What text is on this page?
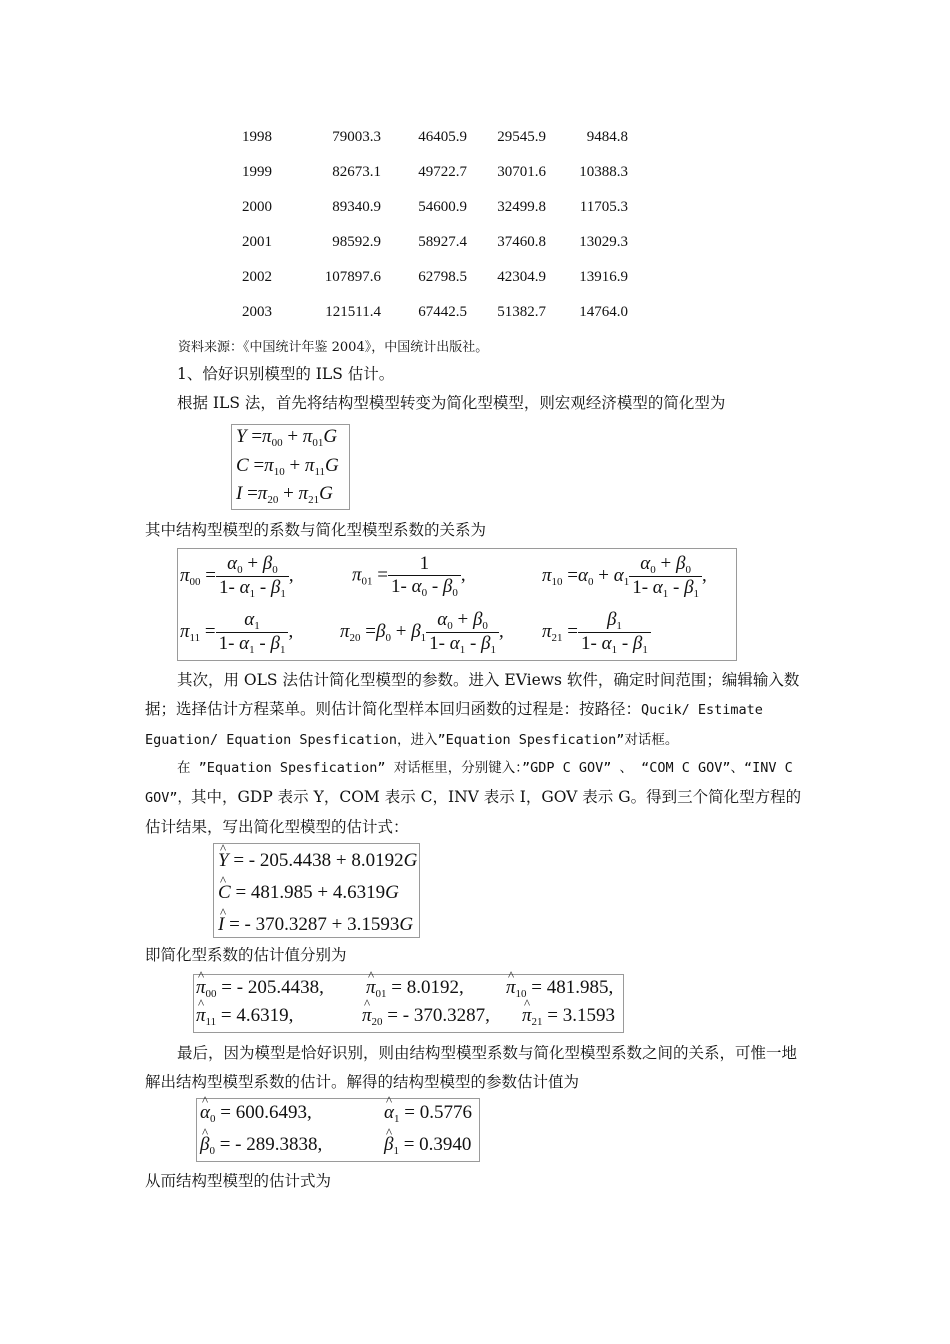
1998	79003.3	46405.9	29545.9	9484.8

1999	82673.1	49722.7	30701.6	10388.3

2000	89340.9	54600.9	32499.8	11705.3

2001	98592.9	58927.4	37460.8	13029.3

2002	107897.6	62798.5	42304.9	13916.9

2003	121511.4	67442.5	51382.7	14764.0
资料来源：《中国统计年鉴 2004》，中国统计出版社。
1、恰好识别模型的 ILS 估计。
根据 ILS 法，首先将结构型模型转变为简化型模型，则宏观经济模型的简化型为
$Y =\pi_{00} + \pi_{01}G$
$C =\pi_{10} + \pi_{11}G$
$I =\pi_{20} + \pi_{21}G$
其中结构型模型的系数与简化型模型系数的关系为
$\pi_{00} = \frac{\alpha_0 + \beta_0}{1- \alpha_1 - \beta_1}$ ,	$\pi_{01} = \frac{1}{1- \alpha_0 - \beta_0}$ ,	$\pi_{10} =\alpha_0 + \alpha_1 \frac{\alpha_0 + \beta_0}{1- \alpha_1 - \beta_1}$ ,
$\pi_{11} = \frac{\alpha_1}{1- \alpha_1 - \beta_1}$ , $\pi_{20} =\beta_0 + \beta_1 \frac{\alpha_0 + \beta_0}{1- \alpha_1 - \beta_1}$ , $\pi_{21} = \frac{\beta_1}{1- \alpha_1 - \beta_1}$
其次，用 OLS 法估计简化型模型的参数。进入 EViews 软件，确定时间范围；编辑输入数据；选择估计方程菜单。则估计简化型样本回归函数的过程是：按路径：Qucik/ Estimate Eguation/ Equation Spesfication，进入”Equation Spesfication”对话框。
在 ”Equation Spesfication” 对话框里，分别键入：”GDP C GOV” 、 “COM C GOV”、“INV C GOV”，其中，GDP 表示 Y，COM 表示 C，INV 表示 I，GOV 表示 G。得到三个简化型方程的估计结果，写出简化型模型的估计式：
^ Y = - 205.4438 + 8.0192G
^ C = 481.985 + 4.6319G
^ I = - 370.3287 + 3.1593G
即简化型系数的估计值分别为
^ $\pi_{00}$ = - 205.4438, ^ $\pi_{01} = 8.0192$, ^ $\pi_{10} = 481.985$,
^ $\pi_{11} = 4.6319$,	^ $\pi_{20}$ = - 370.3287, ^ $\pi_{21} = 3.1593$
最后，因为模型是恰好识别，则由结构型模型系数与简化型模型系数之间的关系，可惟一地解出结构型模型系数的估计。解得的结构型模型的参数估计值为
^ $\alpha_0 = 600.6493$,	^ $\alpha_1 = 0.5776$
^ $\beta_0$ = - 289.3838,	^ $\beta_1 = 0.3940$
从而结构型模型的估计式为
